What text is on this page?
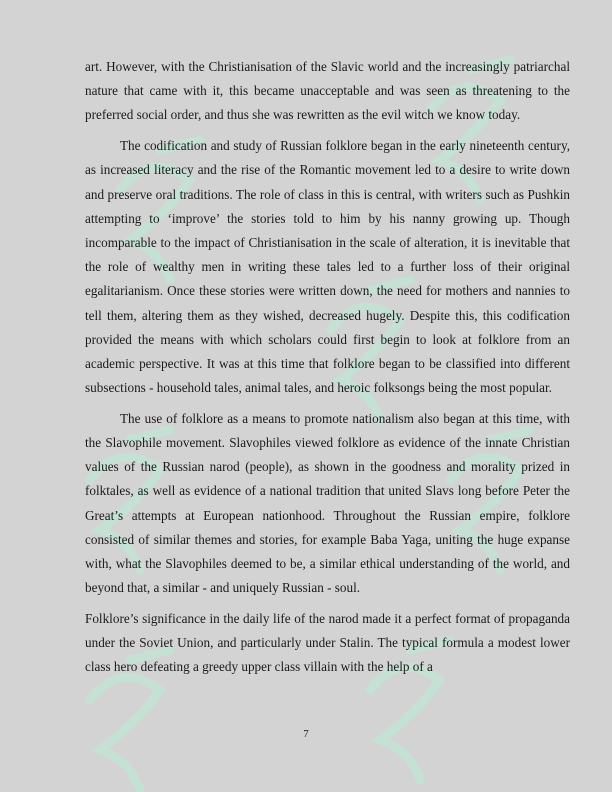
art. However, with the Christianisation of the Slavic world and the increasingly patriarchal nature that came with it, this became unacceptable and was seen as threatening to the preferred social order, and thus she was rewritten as the evil witch we know today.

The codification and study of Russian folklore began in the early nineteenth century, as increased literacy and the rise of the Romantic movement led to a desire to write down and preserve oral traditions. The role of class in this is central, with writers such as Pushkin attempting to ‘improve’ the stories told to him by his nanny growing up. Though incomparable to the impact of Christianisation in the scale of alteration, it is inevitable that the role of wealthy men in writing these tales led to a further loss of their original egalitarianism. Once these stories were written down, the need for mothers and nannies to tell them, altering them as they wished, decreased hugely. Despite this, this codification provided the means with which scholars could first begin to look at folklore from an academic perspective. It was at this time that folklore began to be classified into different subsections - household tales, animal tales, and heroic folksongs being the most popular.

The use of folklore as a means to promote nationalism also began at this time, with the Slavophile movement. Slavophiles viewed folklore as evidence of the innate Christian values of the Russian narod (people), as shown in the goodness and morality prized in folktales, as well as evidence of a national tradition that united Slavs long before Peter the Great’s attempts at European nationhood. Throughout the Russian empire, folklore consisted of similar themes and stories, for example Baba Yaga, uniting the huge expanse with, what the Slavophiles deemed to be, a similar ethical understanding of the world, and beyond that, a similar - and uniquely Russian - soul.

Folklore’s significance in the daily life of the narod made it a perfect format of propaganda under the Soviet Union, and particularly under Stalin. The typical formula a modest lower class hero defeating a greedy upper class villain with the help of a

7
